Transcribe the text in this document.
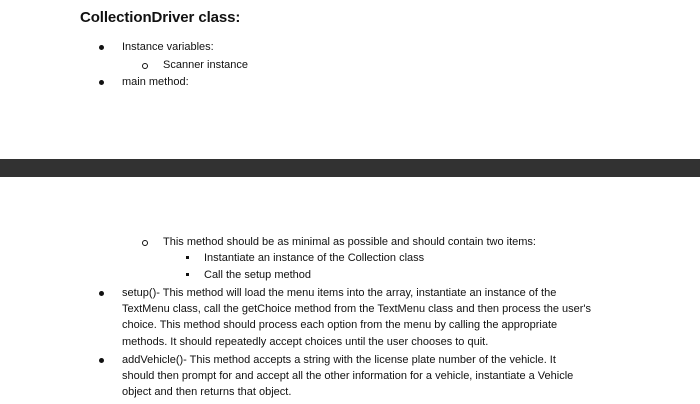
CollectionDriver class:
Instance variables:
Scanner instance
main method:
This method should be as minimal as possible and should contain two items:
Instantiate an instance of the Collection class
Call the setup method
setup()- This method will load the menu items into the array, instantiate an instance of the
TextMenu class, call the getChoice method from the TextMenu class and then process the user's
choice. This method should process each option from the menu by calling the appropriate
methods. It should repeatedly accept choices until the user chooses to quit.
addVehicle()- This method accepts a string with the license plate number of the vehicle. It
should then prompt for and accept all the other information for a vehicle, instantiate a Vehicle
object and then returns that object.
